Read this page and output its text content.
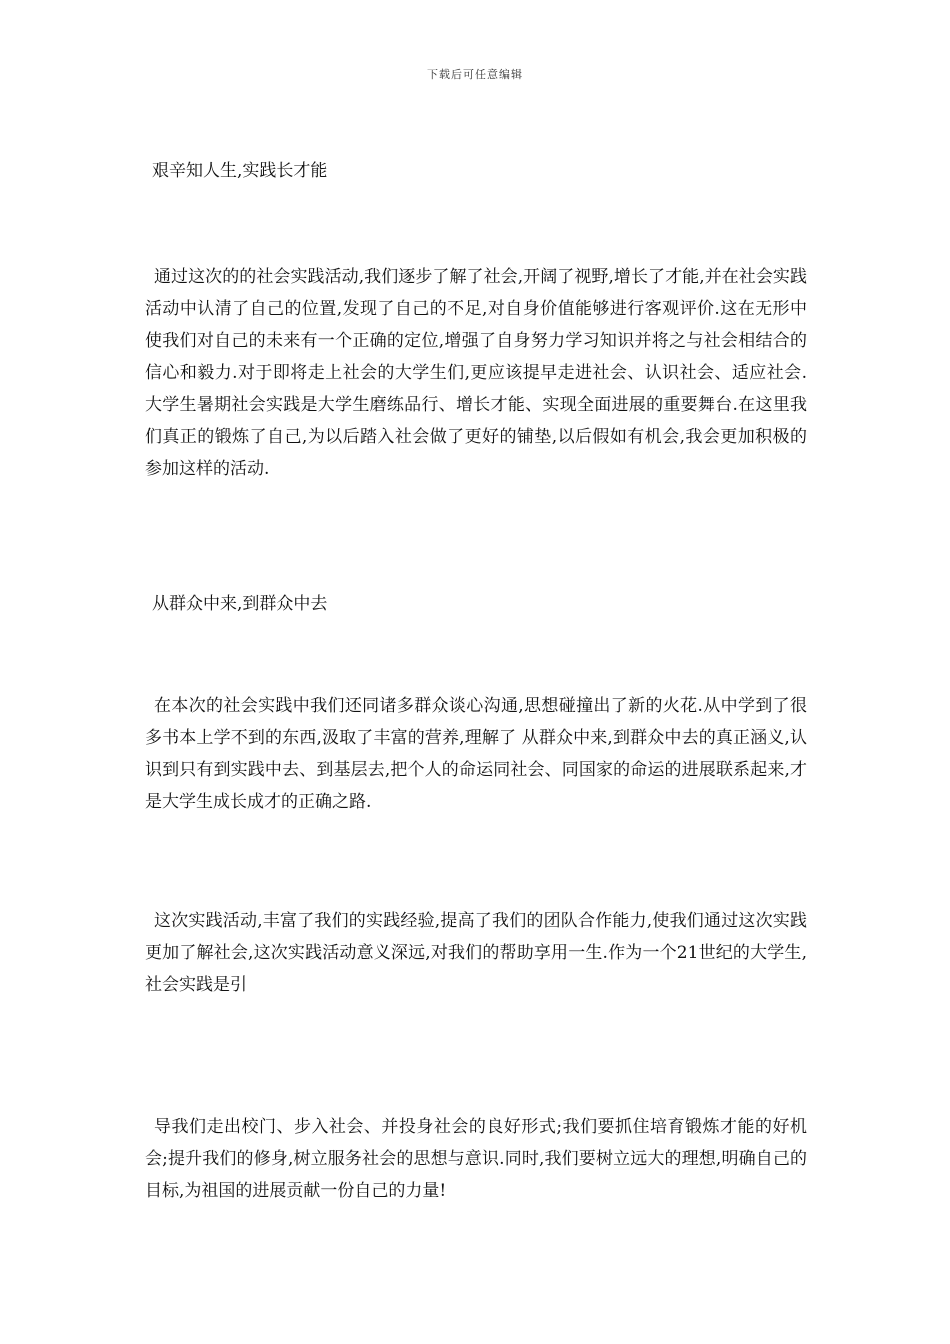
下载后可任意编辑
艰辛知人生,实践长才能

通过这次的的社会实践活动,我们逐步了解了社会,开阔了视野,增长了才能,并在社会实践活动中认清了自己的位置,发现了自己的不足,对自身价值能够进行客观评价.这在无形中使我们对自己的未来有一个正确的定位,增强了自身努力学习知识并将之与社会相结合的信心和毅力.对于即将走上社会的大学生们,更应该提早走进社会、认识社会、适应社会.大学生暑期社会实践是大学生磨练品行、增长才能、实现全面进展的重要舞台.在这里我们真正的锻炼了自己,为以后踏入社会做了更好的铺垫,以后假如有机会,我会更加积极的参加这样的活动.

从群众中来,到群众中去

在本次的社会实践中我们还同诸多群众谈心沟通,思想碰撞出了新的火花.从中学到了很多书本上学不到的东西,汲取了丰富的营养,理解了 从群众中来,到群众中去的真正涵义,认识到只有到实践中去、到基层去,把个人的命运同社会、同国家的命运的进展联系起来,才是大学生成长成才的正确之路.

这次实践活动,丰富了我们的实践经验,提高了我们的团队合作能力,使我们通过这次实践更加了解社会,这次实践活动意义深远,对我们的帮助享用一生.作为一个21世纪的大学生,社会实践是引

导我们走出校门、步入社会、并投身社会的良好形式;我们要抓住培育锻炼才能的好机会;提升我们的修身,树立服务社会的思想与意识.同时,我们要树立远大的理想,明确自己的目标,为祖国的进展贡献一份自己的力量!
